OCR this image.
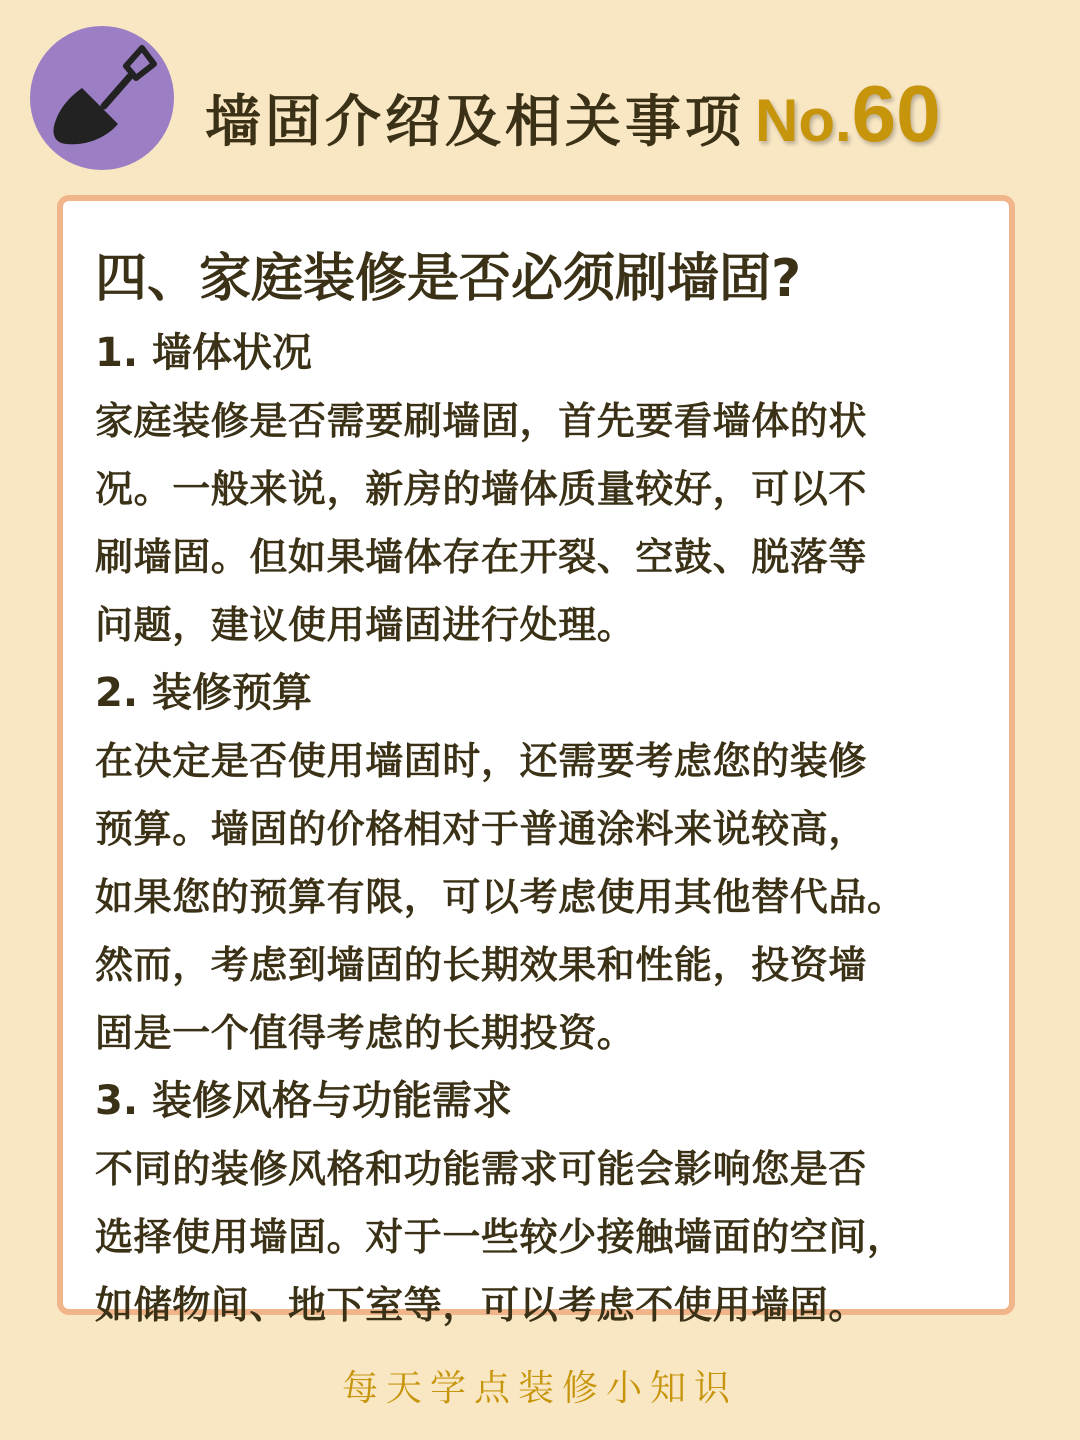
墙固介绍及相关事项 No. 60
四、家庭装修是否必须刷墙固?
1. 墙体状况
家庭装修是否需要刷墙固，首先要看墙体的状
况。一般来说，新房的墙体质量较好，可以不
刷墙固。但如果墙体存在开裂、空鼓、脱落等
问题，建议使用墙固进行处理。
2. 装修预算
在决定是否使用墙固时，还需要考虑您的装修
预算。墙固的价格相对于普通涂料来说较高，
如果您的预算有限，可以考虑使用其他替代品。
然而，考虑到墙固的长期效果和性能，投资墙
固是一个值得考虑的长期投资。
3. 装修风格与功能需求
不同的装修风格和功能需求可能会影响您是否
选择使用墙固。对于一些较少接触墙面的空间，
如储物间、地下室等，可以考虑不使用墙固。
每天学点装修小知识
